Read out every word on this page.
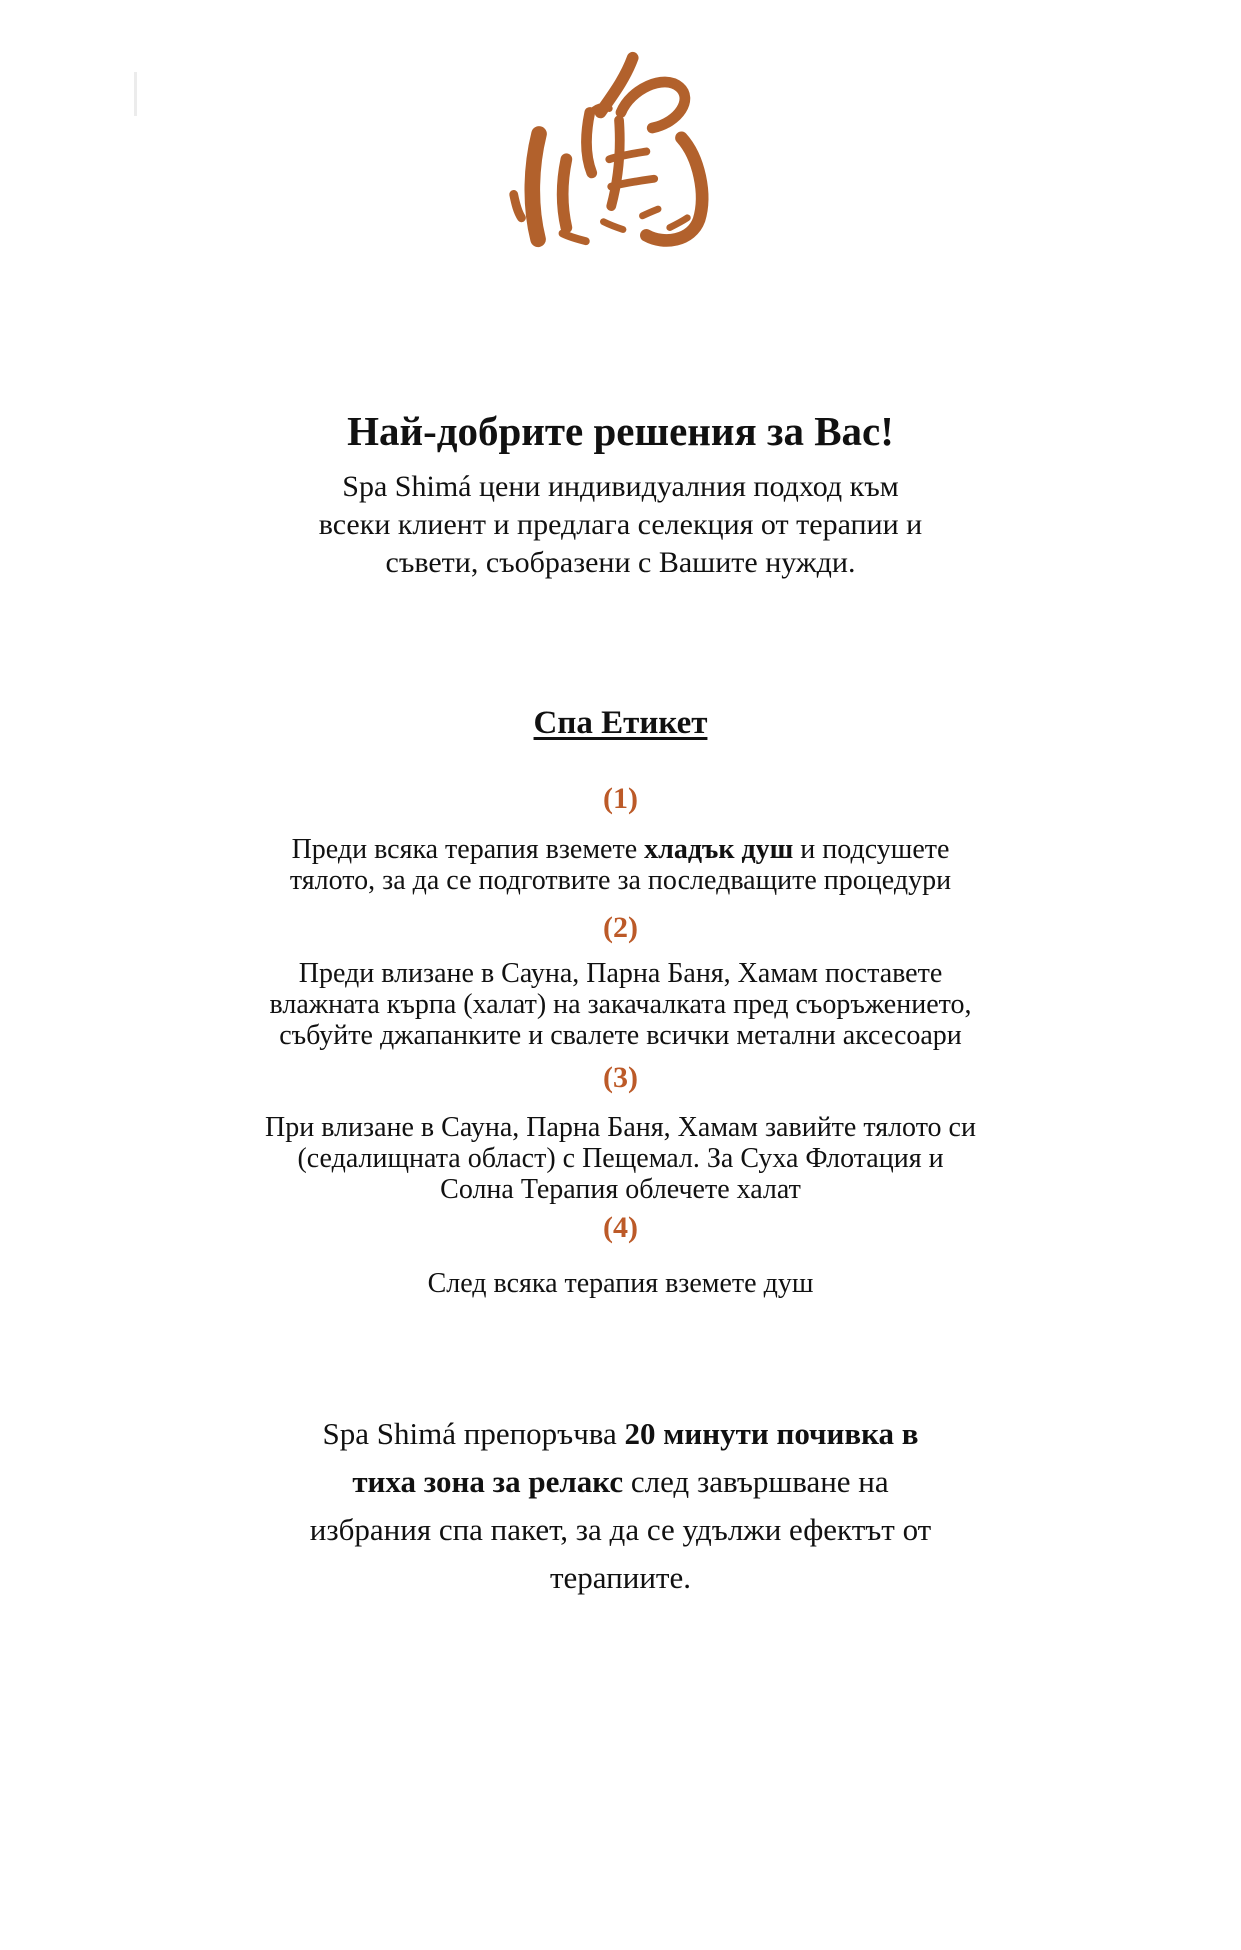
Най-добрите решения за Вас!
Spa Shimá цени индивидуалния подход към
всеки клиент и предлага селекция от терапии и
съвети, съобразени с Вашите нужди.
Спа Етикет
(1)
Преди всяка терапия вземете хладък душ и подсушете
тялото, за да се подготвите за последващите процедури
(2)
Преди влизане в Сауна, Парна Баня, Хамам поставете
влажната кърпа (халат) на закачалката пред съоръжението,
събуйте джапанките и свалете всички метални аксесоари
(3)
При влизане в Сауна, Парна Баня, Хамам завийте тялото си
(седалищната област) с Пещемал. За Суха Флотация и
Солна Терапия облечете халат
(4)
След всяка терапия вземете душ
Spa Shimá препоръчва 20 минути почивка в
тиха зона за релакс след завършване на
избрания спа пакет, за да се удължи ефектът от
терапиите.
